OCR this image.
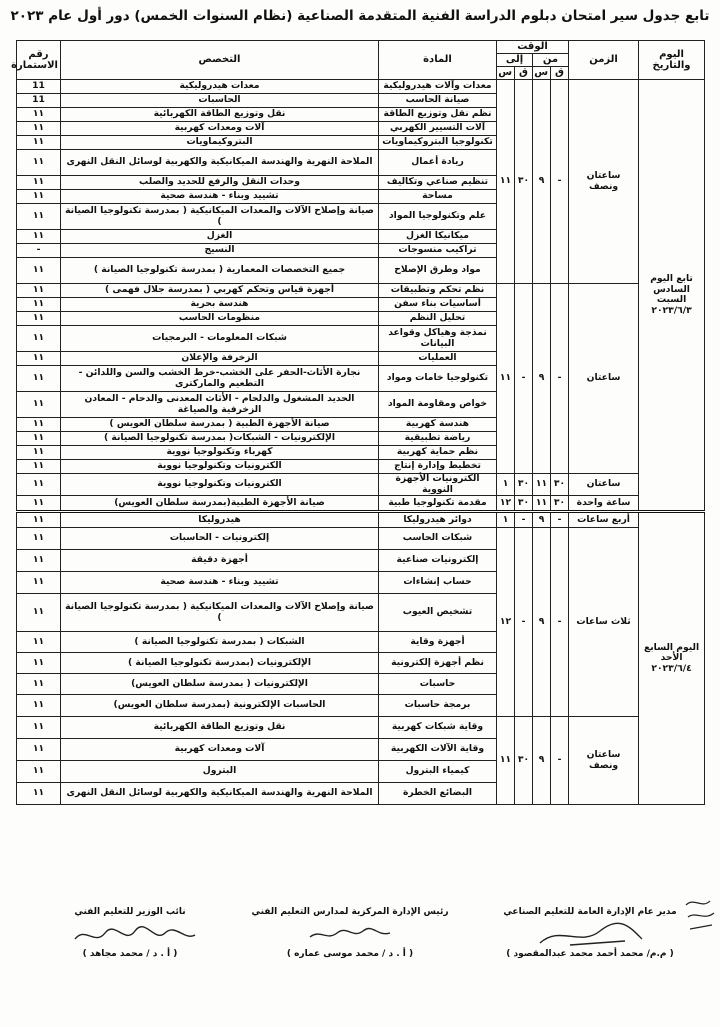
تابع جدول سير امتحان دبلوم الدراسة الفنية المتقدمة الصناعية (نظام السنوات الخمس) دور أول عام ٢٠٢٣
اليوم والتاريخ	الزمن	الوقت				المادة	التخصص	رقم الاستمارة
		من		إلى				
		ق	س	ق	س			
تابع اليوم السادس السبت ٢٠٢٣/٦/٣	ساعتان ونصف	-	٩	٣٠	١١	معدات وآلات هيدروليكية	معدات هيدروليكية	11
						صيانة الحاسب	الحاسبات	11
						نظم نقل وتوزيع الطاقة	نقل وتوزيع الطاقة الكهربائية	١١
						آلات التسيير الكهربي	آلات ومعدات كهربية	١١
						تكنولوجيا البتروكيماويات	البتروكيماويات	١١
						ريادة أعمال	الملاحة النهرية والهندسة الميكانيكية والكهربية لوسائل النقل النهرى	١١
						تنظيم صناعي وتكاليف	وحدات النقل والرفع للحديد والصلب	١١
						مساحة	تشييد وبناء - هندسة صحية	١١
						علم وتكنولوجيا المواد	صيانة وإصلاح الآلات والمعدات الميكانيكية ( بمدرسة تكنولوجيا الصيانة )	١١
						ميكانيكا الغزل	الغزل	١١
						تراكيب منسوجات	النسيج	-
						مواد وطرق الإصلاح	جميع التخصصات المعمارية ( بمدرسة تكنولوجيا الصيانة )	١١
	ساعتان	-	٩	-	١١	نظم تحكم وتطبيقات	أجهزة قياس وتحكم كهربي ( بمدرسة جلال فهمى )	١١
						أساسيات بناء سفن	هندسة بحرية	١١
						تحليل النظم	منظومات الحاسب	١١
						نمذجة وهياكل وقواعد البيانات	شبكات المعلومات - البرمجيات	١١
						العمليات	الزخرفة والإعلان	١١
						تكنولوجيا خامات ومواد	نجارة الأثاث-الحفر على الخشب-خرط الخشب والسن واللدائن - التطعيم والماركترى	١١
						خواص ومقاومة المواد	الحديد المشغول والدلحام - الأثاث المعدنى والدحام - المعادن الزخرفية والصياغة	١١
						هندسة كهربية	صيانة الأجهزة الطبية ( بمدرسة سلطان العويس )	١١
						رياضة تطبيقية	الإلكترونيات - الشبكات( بمدرسة تكنولوجيا الصيانة )	١١
						نظم حماية كهربية	كهرباء وتكنولوجيا نووية	١١
						تخطيط وإدارة إنتاج	الكترونيات وتكنولوجيا نووية	١١
	ساعتان	٣٠	١١	٣٠	١	الكترونيات الأجهزة النووية	الكترونيات وتكنولوجيا نووية	١١
	ساعة واحدة	٣٠	١١	٣٠	١٢	مقدمة تكنولوجيا طبية	صيانة الأجهزة الطبية(بمدرسة سلطان العويس)	١١
اليوم السابع الأحد ٢٠٢٣/٦/٤	أربع ساعات	-	٩	-	١	دوائر هيدروليكا	هيدروليكا	١١
	ثلاث ساعات	-	٩	-	١٢	شبكات الحاسب	إلكترونيات - الحاسبات	١١
						إلكترونيات صناعية	أجهزة دقيقة	١١
						حساب إنشاءات	تشييد وبناء - هندسة صحية	١١
						تشخيص العيوب	صيانة وإصلاح الآلات والمعدات الميكانيكية ( بمدرسة تكنولوجيا الصيانة )	١١
						أجهزة وقاية	الشبكات ( بمدرسة تكنولوجيا الصيانة )	١١
						نظم أجهزة إلكترونية	الإلكترونيات (بمدرسة تكنولوجيا الصيانة )	١١
						حاسبات	الإلكترونيات ( بمدرسة سلطان العويس)	١١
						برمجة حاسبات	الحاسبات الإلكترونية (بمدرسة سلطان العويس)	١١
	ساعتان ونصف	-	٩	٣٠	١١	وقاية شبكات كهربية	نقل وتوزيع الطاقة الكهربائية	١١
						وقاية الآلات الكهربية	آلات ومعدات كهربية	١١
						كيمياء البترول	البترول	١١
						البضائع الخطرة	الملاحة النهرية والهندسة الميكانيكية والكهربية لوسائل النقل النهرى	١١
نائب الوزير للتعليم الفني
( أ . د / محمد مجاهد )
رئيس الإدارة المركزية لمدارس التعليم الفني
( أ . د / محمد موسى عماره )
مدير عام الإدارة العامة للتعليم الصناعي
( م.م/ محمد أحمد محمد عبدالمقصود )
